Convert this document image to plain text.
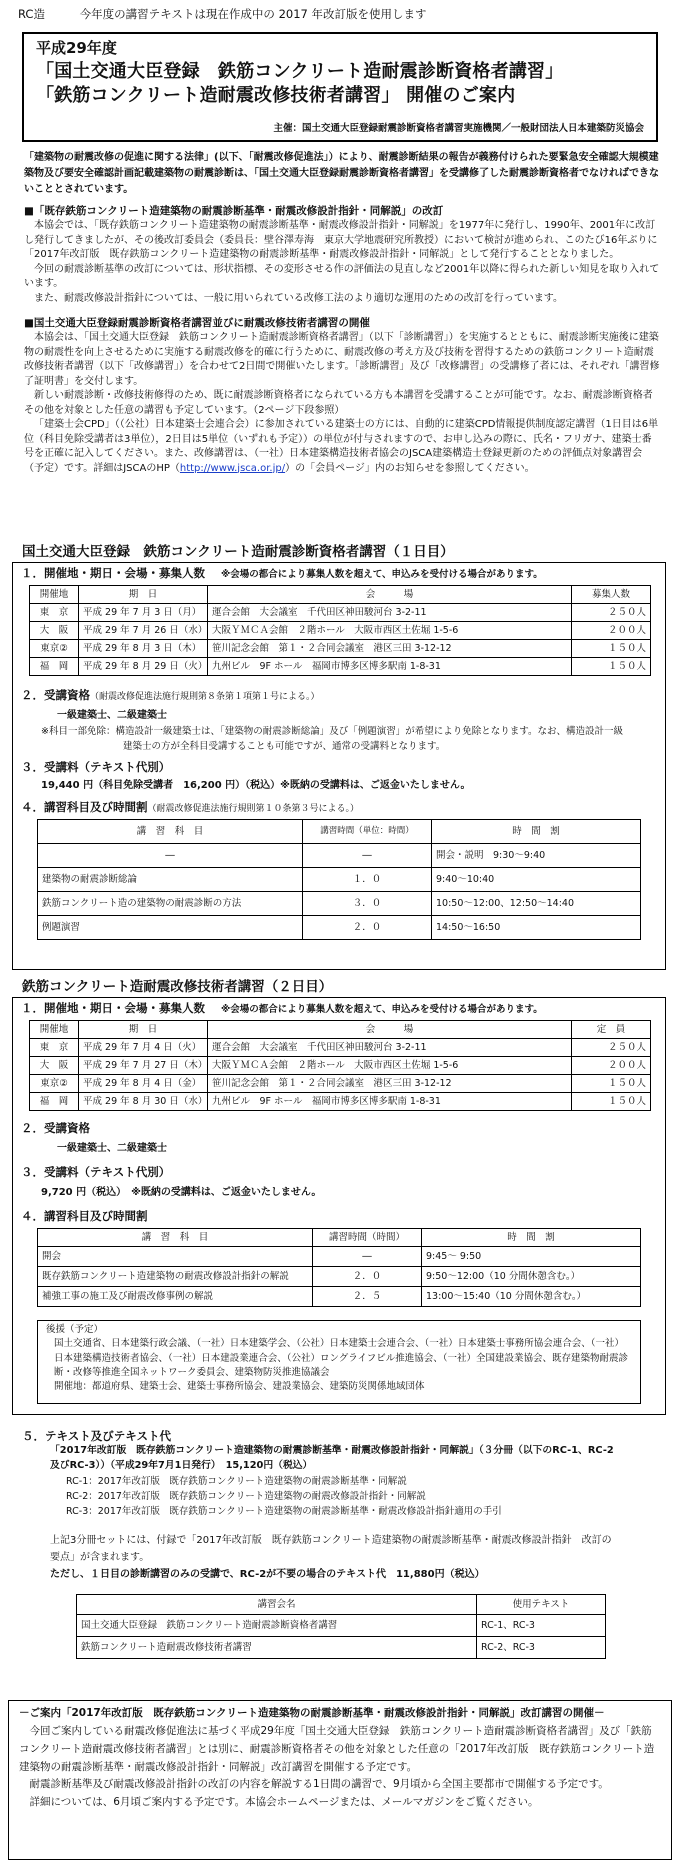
RC造	今年度の講習テキストは現在作成中の 2017 年改訂版を使用します
平成29年度
「国土交通大臣登録　鉄筋コンクリート造耐震診断資格者講習」
「鉄筋コンクリート造耐震改修技術者講習」 開催のご案内
主催：国土交通大臣登録耐震診断資格者講習実施機関／一般財団法人日本建築防災協会
「建築物の耐震改修の促進に関する法律」(以下、「耐震改修促進法」）により、耐震診断結果の報告が義務付けられた要緊急安全確認大規模建築物及び要安全確認計画記載建築物の耐震診断は、「国土交通大臣登録耐震診断資格者講習」を受講修了した耐震診断資格者でなければできないこととされています。
■「既存鉄筋コンクリート造建築物の耐震診断基準・耐震改修設計指針・同解説」の改訂

本協会では、「既存鉄筋コンクリート造建築物の耐震診断基準・耐震改修設計指針・同解説」を1977年に発行し、1990年、2001年に改訂し発行してきましたが、その後改訂委員会（委員長：壁谷澤寿海　東京大学地震研究所教授）において検討が進められ、このたび16年ぶりに「2017年改訂版　既存鉄筋コンクリート造建築物の耐震診断基準・耐震改修設計指針・同解説」として発行することとなりました。

今回の耐震診断基準の改訂については、形状指標、その変形させる作の評価法の見直しなど2001年以降に得られた新しい知見を取り入れています。

また、耐震改修設計指針については、一般に用いられている改修工法のより適切な運用のための改訂を行っています。

■国土交通大臣登録耐震診断資格者講習並びに耐震改修技術者講習の開催

本協会は、「国土交通大臣登録　鉄筋コンクリート造耐震診断資格者講習」（以下「診断講習」）を実施するとともに、耐震診断実施後に建築物の耐震性を向上させるために実施する耐震改修を的確に行うために、耐震改修の考え方及び技術を習得するための鉄筋コンクリート造耐震改修技術者講習（以下「改修講習」）を合わせて2日間で開催いたします。「診断講習」及び「改修講習」の受講修了者には、それぞれ「講習修了証明書」を交付します。

新しい耐震診断・改修技術修得のため、既に耐震診断資格者になられている方も本講習を受講することが可能です。なお、耐震診断資格者その他を対象とした任意の講習も予定しています。（2ページ下段参照）

「建築士会CPD」（（公社）日本建築士会連合会）に参加されている建築士の方には、自動的に建築CPD情報提供制度認定講習（1日目は6単位（科目免除受講者は3単位），2日目は5単位（いずれも予定））の単位が付与されますので、お申し込みの際に、氏名・フリガナ、建築士番号を正確に記入してください。また、改修講習は、（一社）日本建築構造技術者協会のJSCA建築構造士登録更新のための評価点対象講習会（予定）です。詳細はJSCAのHP（http://www.jsca.or.jp/）の「会員ページ」内のお知らせを参照してください。

国土交通大臣登録　鉄筋コンクリート造耐震診断資格者講習（１日目）
１．開催地・期日・会場・募集人数 ※会場の都合により募集人数を超えて、申込みを受付ける場合があります。
開催地	期　日	会　　　場	募集人数
東　京	平成 29 年 7 月 3 日（月）	運合会館　大会議室　千代田区神田駿河台 3-2-11	２５０人
大　阪	平成 29 年 7 月 26 日（水）	大阪ＹＭＣＡ会館　２階ホール　大阪市西区土佐堀 1-5-6	２００人
東京②	平成 29 年 8 月 3 日（木）	笹川記念会館　第１・２合同会議室　港区三田 3-12-12	１５０人
福　岡	平成 29 年 8 月 29 日（火）	九州ビル　9F ホール　福岡市博多区博多駅南 1-8-31	１５０人
２．受講資格（耐震改修促進法施行規則第８条第１項第１号による。）
一級建築士、二級建築士
※科目一部免除：構造設計一級建築士は、「建築物の耐震診断総論」及び「例題演習」が希望により免除となります。なお、構造設計一級
建築士の方が全科目受講することも可能ですが、通常の受講料となります。
３．受講料（テキスト代別）
19,440 円（科目免除受講者　16,200 円）（税込）※既納の受講料は、ご返金いたしません。
４．講習科目及び時間割（耐震改修促進法施行規則第１０条第３号による。）
講　習　科　目	講習時間（単位：時間）	時　間　割
―	―	開会・説明　9:30〜9:40
建築物の耐震診断総論	１．０	9:40〜10:40
鉄筋コンクリート造の建築物の耐震診断の方法	３．０	10:50〜12:00、12:50〜14:40
例題演習	２．０	14:50〜16:50
鉄筋コンクリート造耐震改修技術者講習（２日目）
１．開催地・期日・会場・募集人数 ※会場の都合により募集人数を超えて、申込みを受付ける場合があります。
開催地	期　日	会　　　場	定　員
東　京	平成 29 年 7 月 4 日（火）	運合会館　大会議室　千代田区神田駿河台 3-2-11	２５０人
大　阪	平成 29 年 7 月 27 日（木）	大阪ＹＭＣＡ会館　２階ホール　大阪市西区土佐堀 1-5-6	２００人
東京②	平成 29 年 8 月 4 日（金）	笹川記念会館　第１・２合同会議室　港区三田 3-12-12	１５０人
福　岡	平成 29 年 8 月 30 日（水）	九州ビル　9F ホール　福岡市博多区博多駅南 1-8-31	１５０人
２．受講資格
一級建築士、二級建築士
３．受講料（テキスト代別）
9,720 円（税込）　※既納の受講料は、ご返金いたしません。
４．講習科目及び時間割
講　習　科　目	講習時間（時間）	時　間　割
開会	―	9:45〜 9:50
既存鉄筋コンクリート造建築物の耐震改修設計指針の解説	２．０	9:50〜12:00（10 分間休憩含む。）
補強工事の施工及び耐震改修事例の解説	２．５	13:00〜15:40（10 分間休憩含む。）
後援（予定）
国土交通省、日本建築行政会議、（一社）日本建築学会、（公社）日本建築士会連合会、（一社）日本建築士事務所協会連合会、（一社）日本建築構造技術者協会、（一社）日本建設業連合会、（公社）ロングライフビル推進協会、（一社）全国建設業協会、既存建築物耐震診断・改修等推進全国ネットワーク委員会、建築物防災推進協議会
開催地：都道府県、建築士会、建築士事務所協会、建設業協会、建築防災関係地域団体
５．テキスト及びテキスト代
「2017年改訂版　既存鉄筋コンクリート造建築物の耐震診断基準・耐震改修設計指針・同解説」（３分冊（以下のRC-1、RC-2
及びRC-3））（平成29年7月1日発行）　15,120円（税込）
RC-1：2017年改訂版　既存鉄筋コンクリート造建築物の耐震診断基準・同解説
RC-2：2017年改訂版　既存鉄筋コンクリート造建築物の耐震改修設計指針・同解説
RC-3：2017年改訂版　既存鉄筋コンクリート造建築物の耐震診断基準・耐震改修設計指針適用の手引
上記3分冊セットには、付録で「2017年改訂版　既存鉄筋コンクリート造建築物の耐震診断基準・耐震改修設計指針　改訂の
要点」が含まれます。
ただし、１日目の診断講習のみの受講で、RC-2が不要の場合のテキスト代　11,880円（税込）
講習会名	使用テキスト
国土交通大臣登録　鉄筋コンクリート造耐震診断資格者講習	RC-1、RC-3
鉄筋コンクリート造耐震改修技術者講習	RC-2、RC-3
－ご案内「2017年改訂版　既存鉄筋コンクリート造建築物の耐震診断基準・耐震改修設計指針・同解説」改訂講習の開催－

今回ご案内している耐震改修促進法に基づく平成29年度「国土交通大臣登録　鉄筋コンクリート造耐震診断資格者講習」及び「鉄筋コンクリート造耐震改修技術者講習」とは別に、耐震診断資格者その他を対象とした任意の「2017年改訂版　既存鉄筋コンクリート造建築物の耐震診断基準・耐震改修設計指針・同解説」改訂講習を開催する予定です。

耐震診断基準及び耐震改修設計指針の改訂の内容を解説する1日間の講習で、9月頃から全国主要都市で開催する予定です。

詳細については、6月頃ご案内する予定です。本協会ホームページまたは、メールマガジンをご覧ください。
